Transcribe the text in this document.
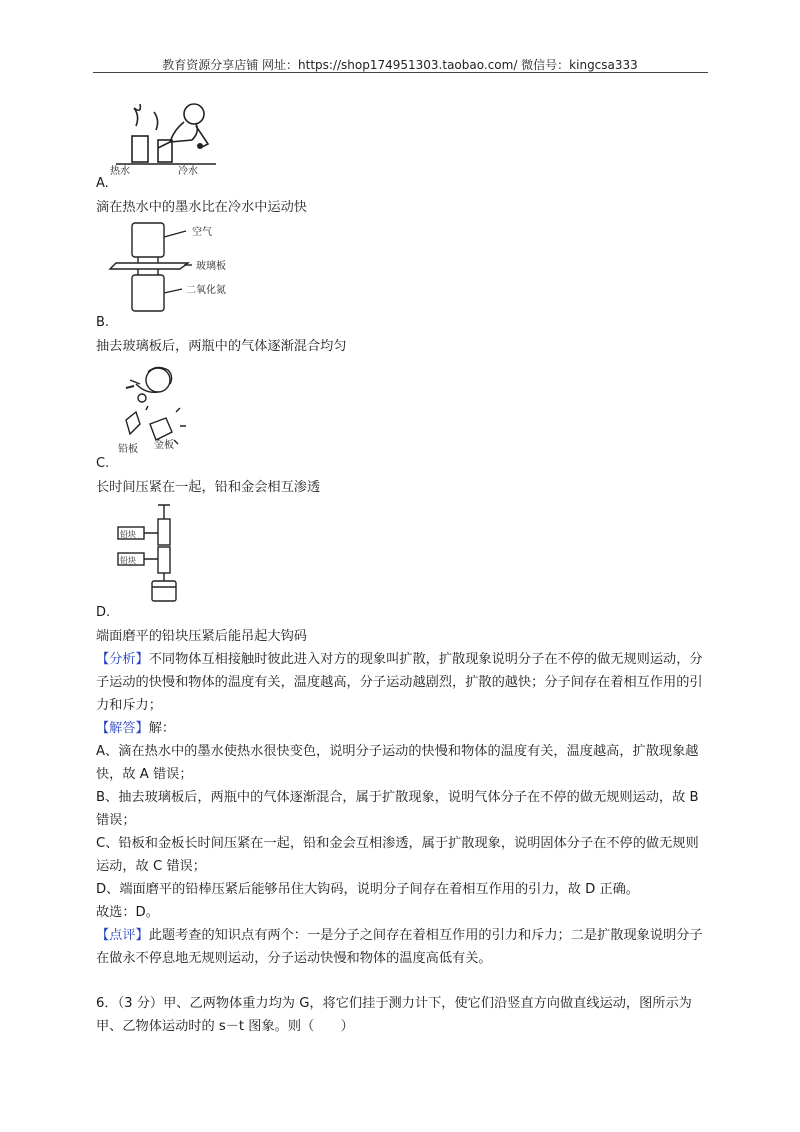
教育资源分享店铺 网址：https://shop174951303.taobao.com/ 微信号：kingcsa333
热水	冷水

A.

滴在热水中的墨水比在冷水中运动快

空气
玻璃板
二氧化氮

B.

抽去玻璃板后，两瓶中的气体逐渐混合均匀

铅板 金板

C.

长时间压紧在一起，铅和金会相互渗透

铅块
铅块

D.

端面磨平的铅块压紧后能吊起大钩码

【分析】不同物体互相接触时彼此进入对方的现象叫扩散，扩散现象说明分子在不停的做无规则运动，分子运动的快慢和物体的温度有关，温度越高，分子运动越剧烈，扩散的越快；分子间存在着相互作用的引力和斥力；

【解答】解：

A、滴在热水中的墨水使热水很快变色，说明分子运动的快慢和物体的温度有关，温度越高，扩散现象越快，故 A 错误；

B、抽去玻璃板后，两瓶中的气体逐渐混合，属于扩散现象，说明气体分子在不停的做无规则运动，故 B 错误；

C、铅板和金板长时间压紧在一起，铅和金会互相渗透，属于扩散现象，说明固体分子在不停的做无规则运动，故 C 错误；

D、端面磨平的铅棒压紧后能够吊住大钩码，说明分子间存在着相互作用的引力，故 D 正确。

故选：D。

【点评】此题考查的知识点有两个：一是分子之间存在着相互作用的引力和斥力；二是扩散现象说明分子在做永不停息地无规则运动，分子运动快慢和物体的温度高低有关。

6．（3 分）甲、乙两物体重力均为 G，将它们挂于测力计下，使它们沿竖直方向做直线运动，图所示为甲、乙物体运动时的 s－t 图象。则（　　）
